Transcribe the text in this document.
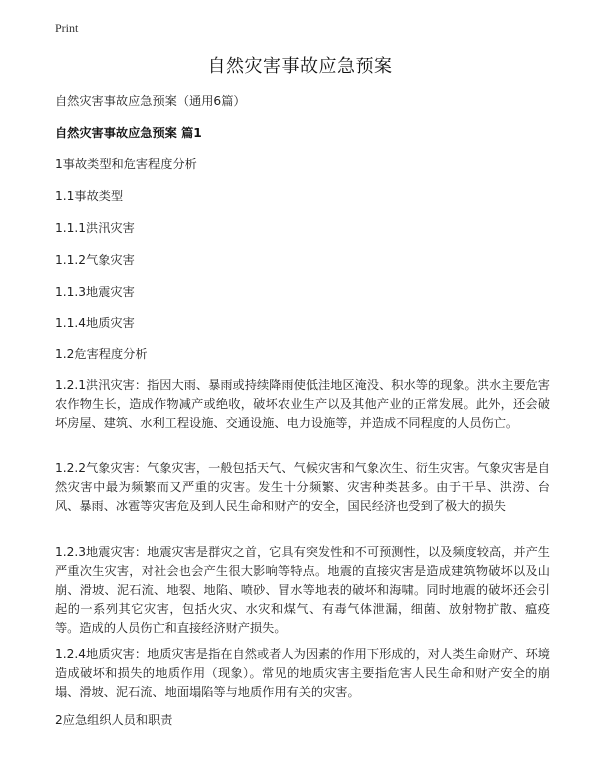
Print
自然灾害事故应急预案
自然灾害事故应急预案（通用6篇）
自然灾害事故应急预案 篇1
1事故类型和危害程度分析
1.1事故类型
1.1.1洪汛灾害
1.1.2气象灾害
1.1.3地震灾害
1.1.4地质灾害
1.2危害程度分析
1.2.1洪汛灾害：指因大雨、暴雨或持续降雨使低洼地区淹没、积水等的现象。洪水主要危害农作物生长，造成作物减产或绝收，破坏农业生产以及其他产业的正常发展。此外，还会破坏房屋、建筑、水利工程设施、交通设施、电力设施等，并造成不同程度的人员伤亡。
1.2.2气象灾害：气象灾害，一般包括天气、气候灾害和气象次生、衍生灾害。气象灾害是自然灾害中最为频繁而又严重的灾害。发生十分频繁、灾害种类甚多。由于干旱、洪涝、台风、暴雨、冰雹等灾害危及到人民生命和财产的安全，国民经济也受到了极大的损失
1.2.3地震灾害：地震灾害是群灾之首，它具有突发性和不可预测性，以及频度较高，并产生严重次生灾害，对社会也会产生很大影响等特点。地震的直接灾害是造成建筑物破坏以及山崩、滑坡、泥石流、地裂、地陷、喷砂、冒水等地表的破坏和海啸。同时地震的破坏还会引起的一系列其它灾害，包括火灾、水灾和煤气、有毒气体泄漏，细菌、放射物扩散、瘟疫等。造成的人员伤亡和直接经济财产损失。
1.2.4地质灾害：地质灾害是指在自然或者人为因素的作用下形成的，对人类生命财产、环境造成破坏和损失的地质作用（现象）。常见的地质灾害主要指危害人民生命和财产安全的崩塌、滑坡、泥石流、地面塌陷等与地质作用有关的灾害。
2应急组织人员和职责
